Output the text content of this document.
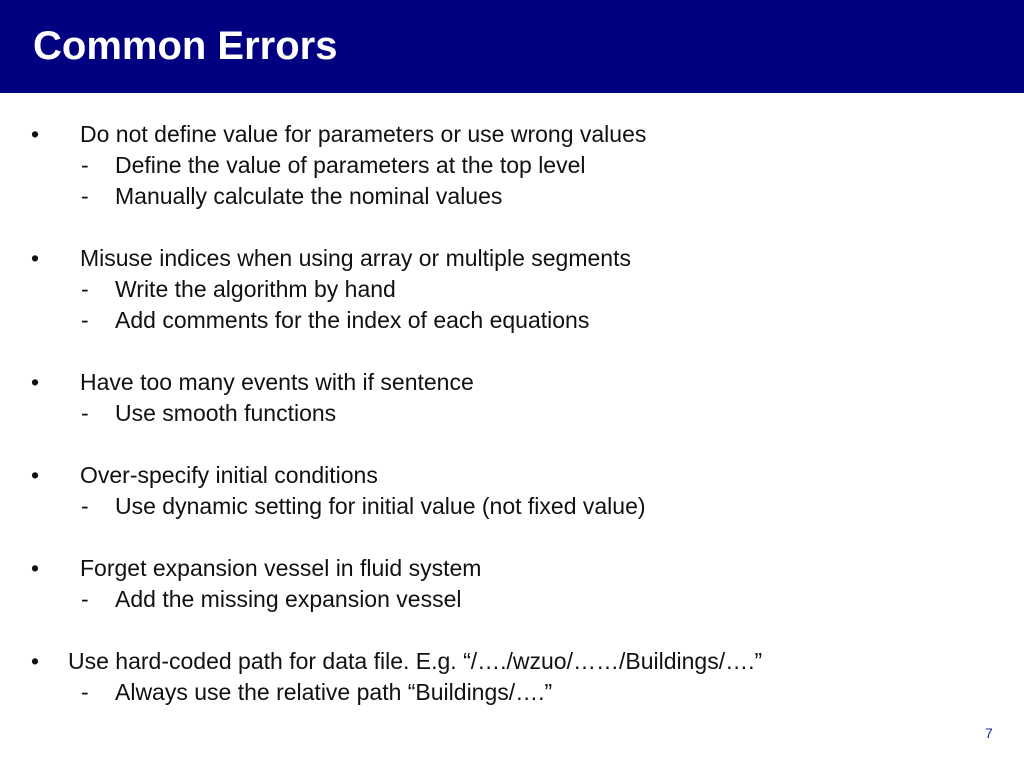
Common Errors
• Do not define value for parameters or use wrong values
- Define the value of parameters at the top level
- Manually calculate the nominal values
• Misuse indices when using array or multiple segments
- Write the algorithm by hand
- Add comments for the index of each equations
• Have too many events with if sentence
- Use smooth functions
• Over-specify initial conditions
- Use dynamic setting for initial value (not fixed value)
• Forget expansion vessel in fluid system
- Add the missing expansion vessel
• Use hard-coded path for data file. E.g. “/…./wzuo/……/Buildings/….”
- Always use the relative path “Buildings/….”
7
